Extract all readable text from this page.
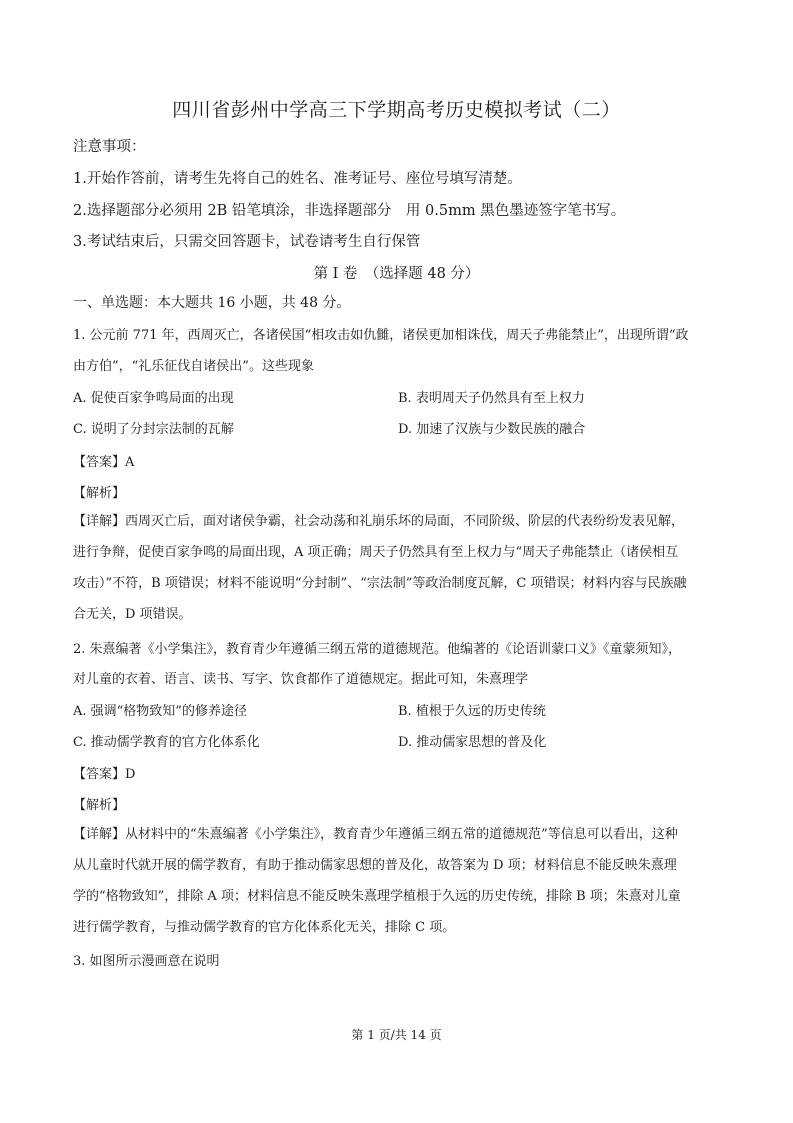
四川省彭州中学高三下学期高考历史模拟考试（二）
注意事项：
1.开始作答前，请考生先将自己的姓名、准考证号、座位号填写清楚。
2.选择题部分必须用 2B 铅笔填涂，非选择题部分　用 0.5mm 黑色墨迹签字笔书写。
3.考试结束后，只需交回答题卡，试卷请考生自行保管
第 I 卷　（选择题 48 分）
一、单选题：本大题共 16 小题，共 48 分。
1. 公元前 771 年，西周灭亡，各诸侯国“相攻击如仇雠，诸侯更加相诛伐，周天子弗能禁止”，出现所谓“政
由方伯”，“礼乐征伐自诸侯出”。这些现象
A. 促使百家争鸣局面的出现	B. 表明周天子仍然具有至上权力
C. 说明了分封宗法制的瓦解	D. 加速了汉族与少数民族的融合
【答案】A
【解析】
【详解】西周灭亡后，面对诸侯争霸，社会动荡和礼崩乐坏的局面，不同阶级、阶层的代表纷纷发表见解，
进行争辩，促使百家争鸣的局面出现，A 项正确；周天子仍然具有至上权力与“周天子弗能禁止（诸侯相互
攻击）”不符，B 项错误；材料不能说明“分封制”、“宗法制”等政治制度瓦解，C 项错误；材料内容与民族融
合无关，D 项错误。
2. 朱熹编著《小学集注》，教育青少年遵循三纲五常的道德规范。他编著的《论语训蒙口义》《童蒙须知》，
对儿童的衣着、语言、读书、写字、饮食都作了道德规定。据此可知，朱熹理学
A. 强调“格物致知”的修养途径	B. 植根于久远的历史传统
C. 推动儒学教育的官方化体系化	D. 推动儒家思想的普及化
【答案】D
【解析】
【详解】从材料中的“朱熹编著《小学集注》，教育青少年遵循三纲五常的道德规范”等信息可以看出，这种
从儿童时代就开展的儒学教育，有助于推动儒家思想的普及化，故答案为 D 项；材料信息不能反映朱熹理
学的“格物致知”，排除 A 项；材料信息不能反映朱熹理学植根于久远的历史传统，排除 B 项；朱熹对儿童
进行儒学教育，与推动儒学教育的官方化体系化无关，排除 C 项。
3. 如图所示漫画意在说明
第 1 页/共 14 页
